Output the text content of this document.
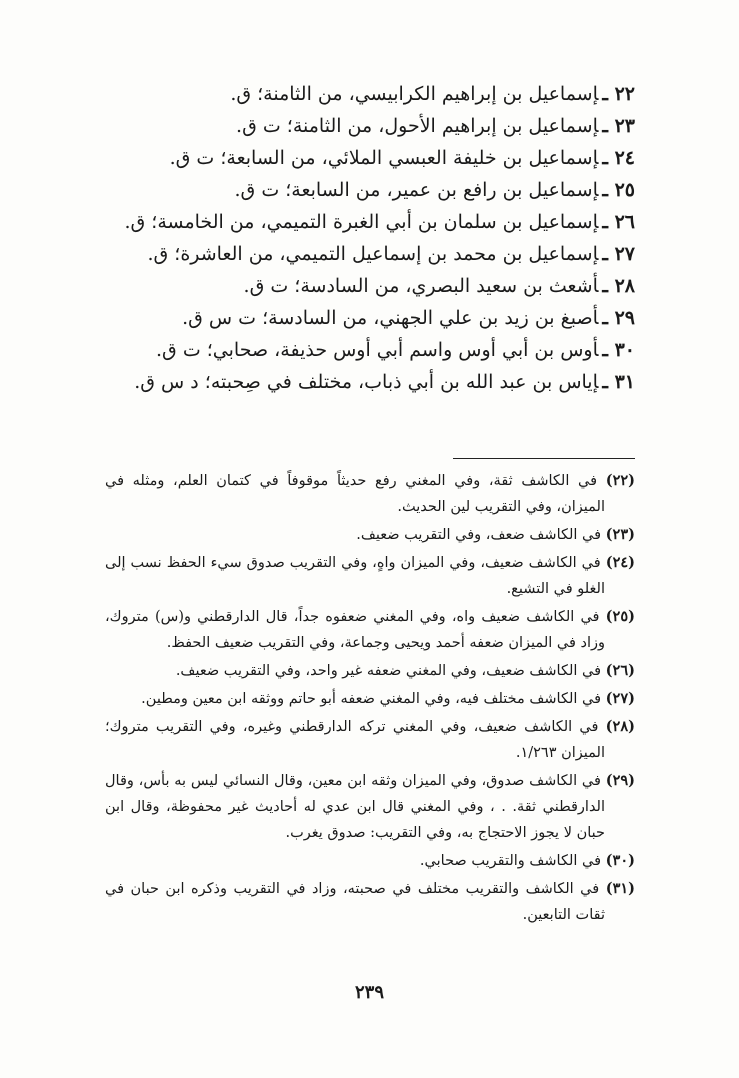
٢٢ ـإسماعيل بن إبراهيم الكرابيسي، من الثامنة؛ ق.
٢٣ ـإسماعيل بن إبراهيم الأحول، من الثامنة؛ ت ق.
٢٤ ـإسماعيل بن خليفة العبسي الملائي، من السابعة؛ ت ق.
٢٥ ـإسماعيل بن رافع بن عمير، من السابعة؛ ت ق.
٢٦ ـإسماعيل بن سلمان بن أبي الغبرة التميمي، من الخامسة؛ ق.
٢٧ ـإسماعيل بن محمد بن إسماعيل التميمي، من العاشرة؛ ق.
٢٨ ـأشعث بن سعيد البصري، من السادسة؛ ت ق.
٢٩ ـأصبغ بن زيد بن علي الجهني، من السادسة؛ ت س ق.
٣٠ ـأوس بن أبي أوس واسم أبي أوس حذيفة، صحابي؛ ت ق.
٣١ ـإياس بن عبد الله بن أبي ذباب، مختلف في صِحبته؛ د س ق.
(٢٢) في الكاشف ثقة، وفي المغني رفع حديثاً موقوفاً في كتمان العلم، ومثله في الميزان، وفي التقريب لين الحديث.
(٢٣) في الكاشف ضعف، وفي التقريب ضعيف.
(٢٤) في الكاشف ضعيف، وفي الميزان واهٍ، وفي التقريب صدوق سيء الحفظ نسب إلى الغلو في التشيع.
(٢٥) في الكاشف ضعيف واه، وفي المغني ضعفوه جداً، قال الدارقطني و(س) متروك، وزاد في الميزان ضعفه أحمد ويحيى وجماعة، وفي التقريب ضعيف الحفظ.
(٢٦) في الكاشف ضعيف، وفي المغني ضعفه غير واحد، وفي التقريب ضعيف.
(٢٧) في الكاشف مختلف فيه، وفي المغني ضعفه أبو حاتم ووثقه ابن معين ومطين.
(٢٨) في الكاشف ضعيف، وفي المغني تركه الدارقطني وغيره، وفي التقريب متروك؛ الميزان ١/٢٦٣.
(٢٩) في الكاشف صدوق، وفي الميزان وثقه ابن معين، وقال النسائي ليس به بأس، وقال الدارقطني ثقة. . ، وفي المغني قال ابن عدي له أحاديث غير محفوظة، وقال ابن حبان لا يجوز الاحتجاج به، وفي التقريب: صدوق يغرب.
(٣٠) في الكاشف والتقريب صحابي.
(٣١) في الكاشف والتقريب مختلف في صحبته، وزاد في التقريب وذكره ابن حبان في ثقات التابعين.
٢٣٩
